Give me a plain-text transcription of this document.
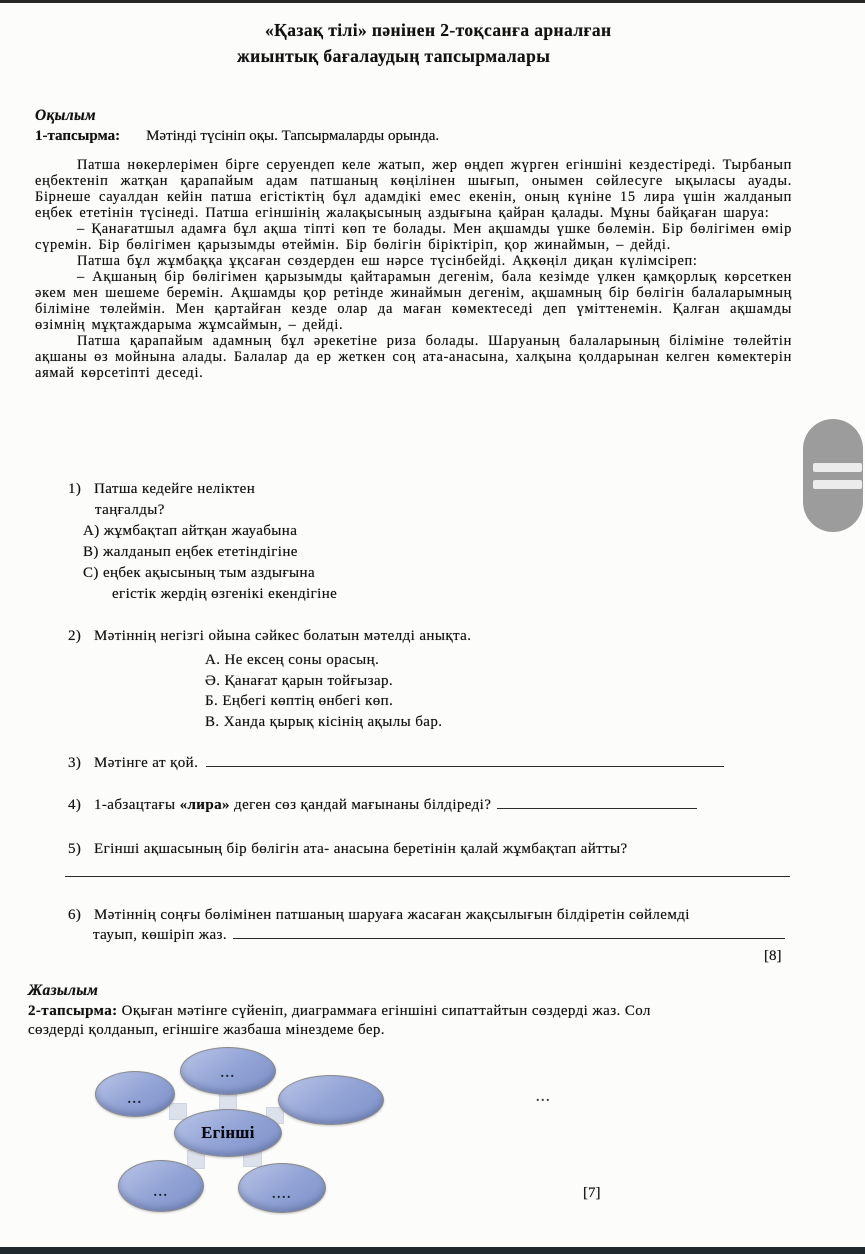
«Қазақ тілі» пәнінен 2-тоқсанға арналған
жиынтық бағалаудың тапсырмалары
Оқылым
1-тапсырма: Мәтінді түсініп оқы. Тапсырмаларды орында.

Патша нөкерлерімен бірге серуендеп келе жатып, жер өңдеп жүрген егіншіні кездестіреді. Тырбанып еңбектеніп жатқан қарапайым адам патшаның көңілінен шығып, онымен сөйлесуге ықыласы ауады. Бірнеше сауалдан кейін патша егістіктің бұл адамдікі емес екенін, оның күніне 15 лира үшін жалданып еңбек ететінін түсінеді. Патша егіншінің жалақысының аздығына қайран қалады. Мұны байқаған шаруа:

– Қанағатшыл адамға бұл ақша тіпті көп те болады. Мен ақшамды үшке бөлемін. Бір бөлігімен өмір сүремін. Бір бөлігімен қарызымды өтеймін. Бір бөлігін біріктіріп, қор жинаймын, – дейді.

Патша бұл жұмбаққа ұқсаған сөздерден еш нәрсе түсінбейді. Ақкөңіл диқан күлімсіреп:

– Ақшаның бір бөлігімен қарызымды қайтарамын дегенім, бала кезімде үлкен қамқорлық көрсеткен әкем мен шешеме беремін. Ақшамды қор ретінде жинаймын дегенім, ақшамның бір бөлігін балаларымның біліміне төлеймін. Мен қартайған кезде олар да маған көмектеседі деп үміттенемін. Қалған ақшамды өзімнің мұқтаждарыма жұмсаймын, – дейді.

Патша қарапайым адамның бұл әрекетіне риза болады. Шаруаның балаларының біліміне төлейтін ақшаны өз мойнына алады. Балалар да ер жеткен соң ата-анасына, халқына қолдарынан келген көмектерін аямай көрсетіпті деседі.

1) Патша кедейге неліктен
таңғалды?
A) жұмбақтап айтқан жауабына
B) жалданып еңбек ететіндігіне
C) еңбек ақысының тым аздығына
егістік жердің өзгенікі екендігіне
2) Мәтіннің негізгі ойына сәйкес болатын мәтелді анықта.
А. Не ексең соны орасың.
Ә. Қанағат қарын тойғызар.
Б. Еңбегі көптің өнбегі көп.
В. Ханда қырық кісінің ақылы бар.
3) Мәтінге ат қой.
4) 1-абзацтағы «лира» деген сөз қандай мағынаны білдіреді?
5) Егінші ақшасының бір бөлігін ата- анасына беретінін қалай жұмбақтап айтты?
6) Мәтіннің соңғы бөлімінен патшаның шаруаға жасаған жақсылығын білдіретін сөйлемді
тауып, көшіріп жаз.
[8]
Жазылым
2-тапсырма: Оқыған мәтінге сүйеніп, диаграммаға егіншіні сипаттайтын сөздерді жаз. Сол
сөздерді қолданып, егіншіге жазбаша мінездеме бер.
...
...
Егінші
...	....
...
[7]
